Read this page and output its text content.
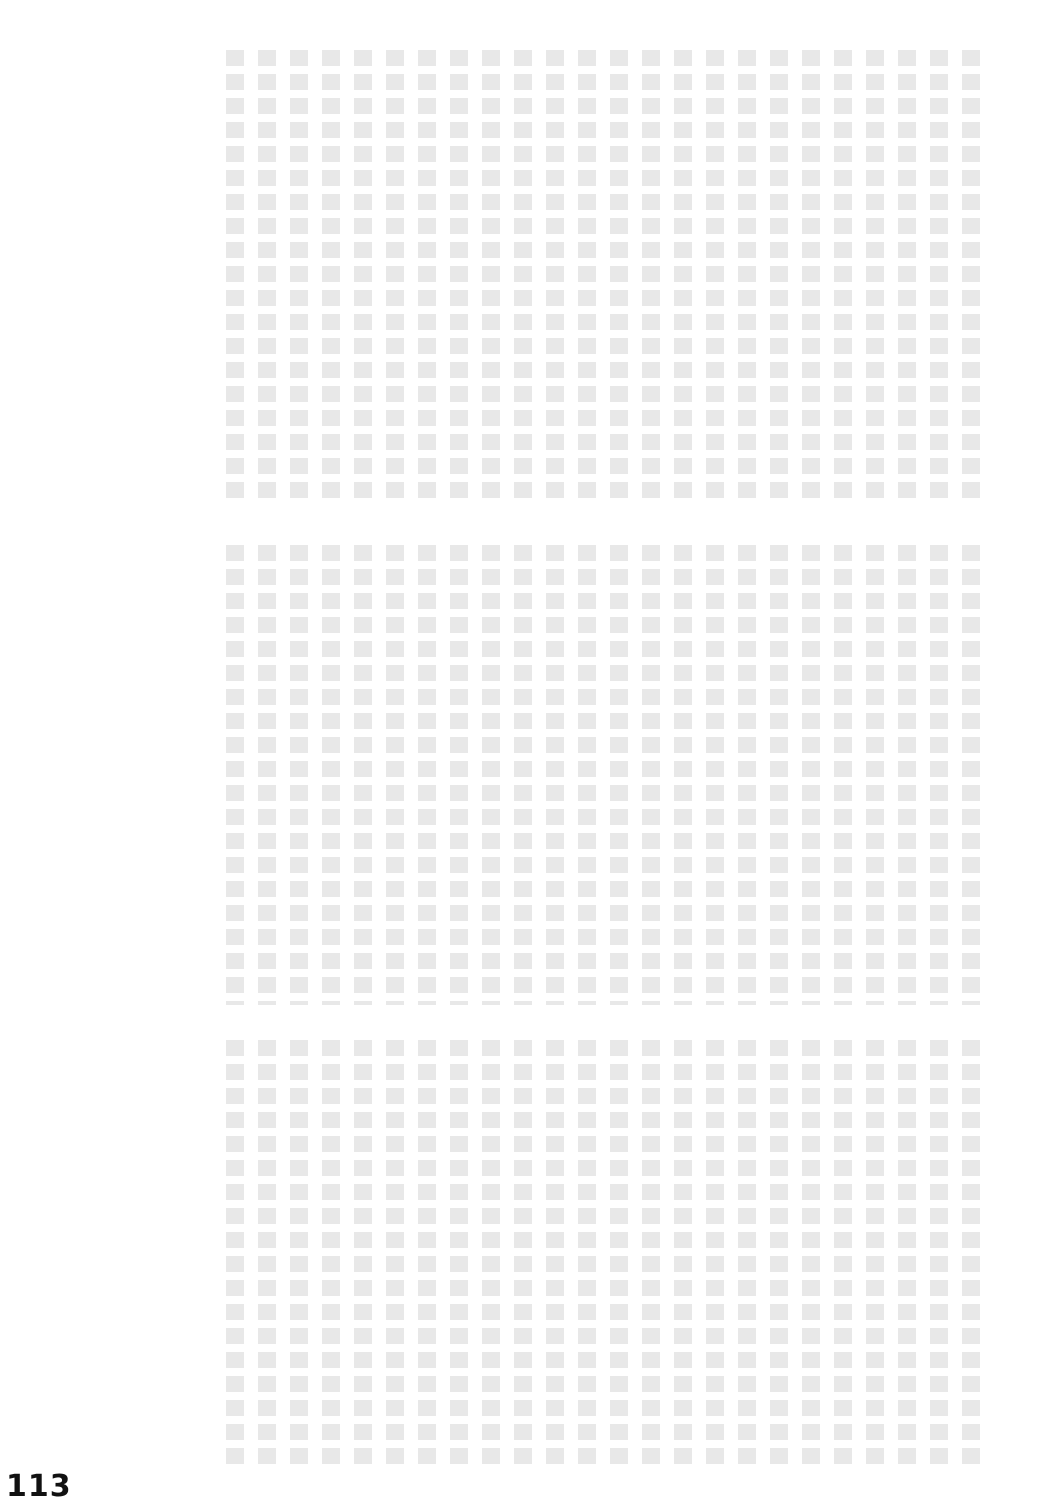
113
